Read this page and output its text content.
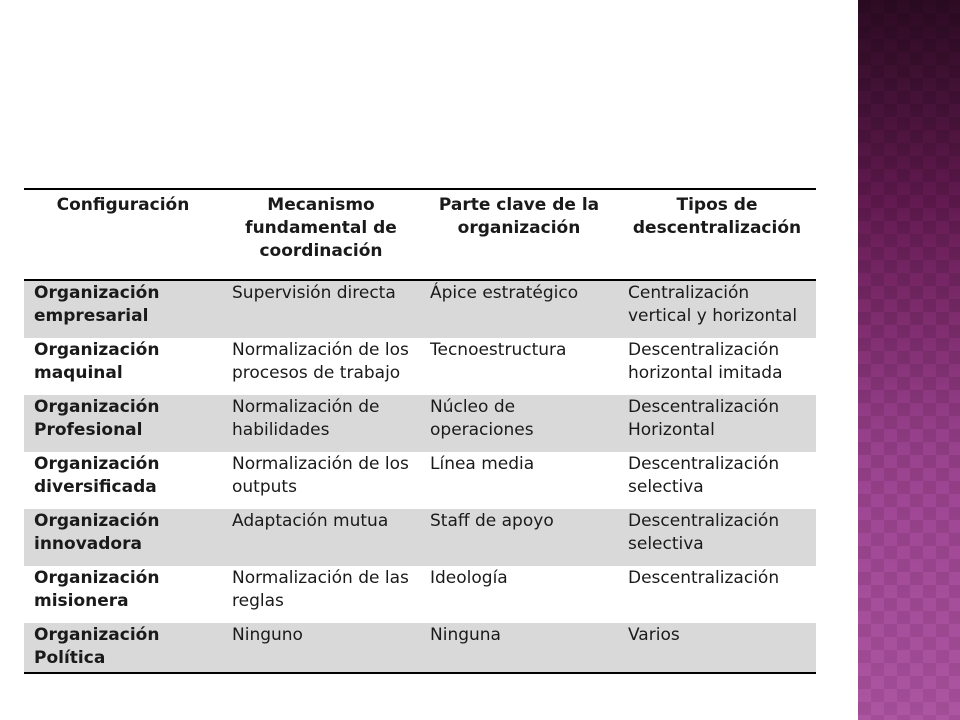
Configuración	Mecanismo fundamental de coordinación	Parte clave de la organización	Tipos de descentralización
Organización empresarial	Supervisión directa	Ápice estratégico	Centralización vertical y horizontal
Organización maquinal	Normalización de los procesos de trabajo	Tecnoestructura	Descentralización horizontal imitada
Organización Profesional	Normalización de habilidades	Núcleo de operaciones	Descentralización Horizontal
Organización diversificada	Normalización de los outputs	Línea media	Descentralización selectiva
Organización innovadora	Adaptación mutua	Staff de apoyo	Descentralización selectiva
Organización misionera	Normalización de las reglas	Ideología	Descentralización
Organización Política	Ninguno	Ninguna	Varios
